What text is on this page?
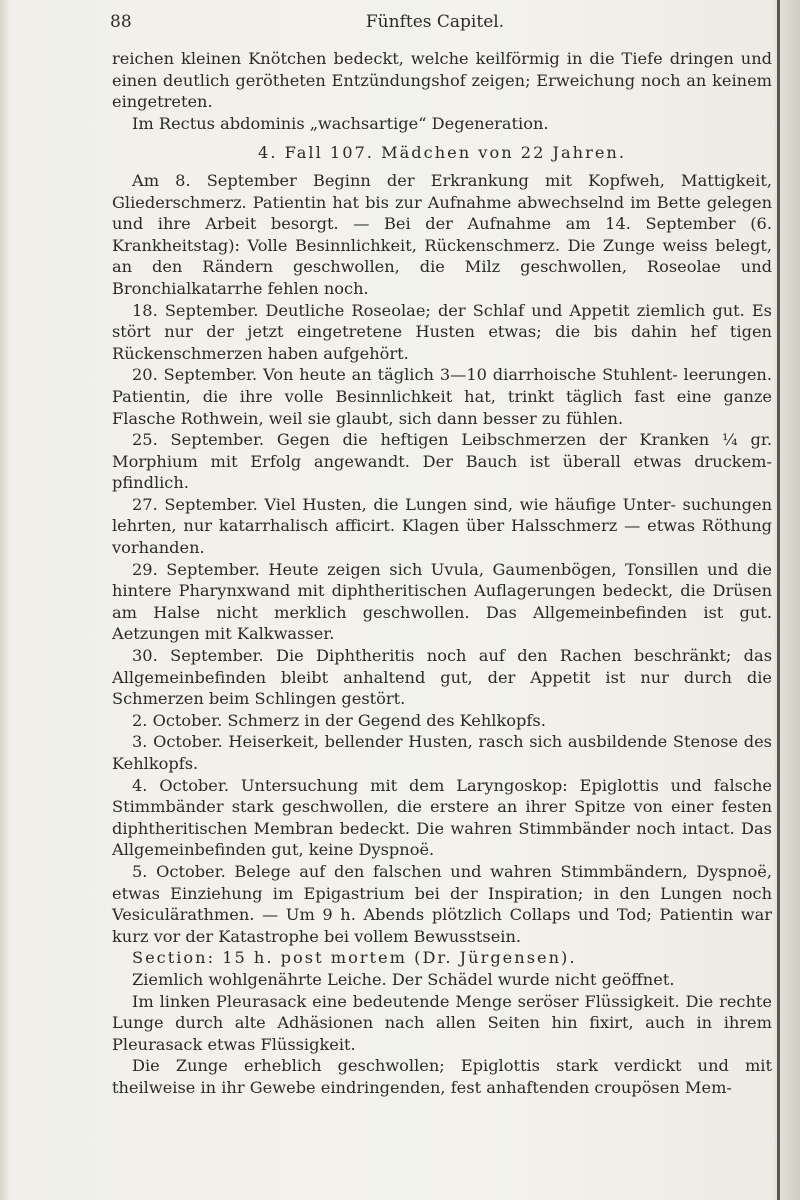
88	Fünftes Capitel.

reichen kleinen Knötchen bedeckt, welche keilförmig in die Tiefe dringen und einen deutlich gerötheten Entzündungshof zeigen; Erweichung noch an keinem eingetreten.

Im Rectus abdominis „wachsartige“ Degeneration.

4. Fall 107. Mädchen von 22 Jahren.

Am 8. September Beginn der Erkrankung mit Kopfweh, Mattigkeit, Gliederschmerz. Patientin hat bis zur Aufnahme abwechselnd im Bette gelegen und ihre Arbeit besorgt. — Bei der Aufnahme am 14. September (6. Krankheitstag): Volle Besinnlichkeit, Rückenschmerz. Die Zunge weiss belegt, an den Rändern geschwollen, die Milz geschwollen, Roseolae und Bronchialkatarrhe fehlen noch.

18. September. Deutliche Roseolae; der Schlaf und Appetit ziemlich gut. Es stört nur der jetzt eingetretene Husten etwas; die bis dahin hef tigen Rückenschmerzen haben aufgehört.

20. September. Von heute an täglich 3—10 diarrhoische Stuhlent- leerungen. Patientin, die ihre volle Besinnlichkeit hat, trinkt täglich fast eine ganze Flasche Rothwein, weil sie glaubt, sich dann besser zu fühlen.

25. September. Gegen die heftigen Leibschmerzen der Kranken ¼ gr. Morphium mit Erfolg angewandt. Der Bauch ist überall etwas druckem- pfindlich.

27. September. Viel Husten, die Lungen sind, wie häufige Unter- suchungen lehrten, nur katarrhalisch afficirt. Klagen über Halsschmerz — etwas Röthung vorhanden.

29. September. Heute zeigen sich Uvula, Gaumenbögen, Tonsillen und die hintere Pharynxwand mit diphtheritischen Auflagerungen bedeckt, die Drüsen am Halse nicht merklich geschwollen. Das Allgemeinbefinden ist gut. Aetzungen mit Kalkwasser.

30. September. Die Diphtheritis noch auf den Rachen beschränkt; das Allgemeinbefinden bleibt anhaltend gut, der Appetit ist nur durch die Schmerzen beim Schlingen gestört.

2. October. Schmerz in der Gegend des Kehlkopfs.

3. October. Heiserkeit, bellender Husten, rasch sich ausbildende Stenose des Kehlkopfs.

4. October. Untersuchung mit dem Laryngoskop: Epiglottis und falsche Stimmbänder stark geschwollen, die erstere an ihrer Spitze von einer festen diphtheritischen Membran bedeckt. Die wahren Stimmbänder noch intact. Das Allgemeinbefinden gut, keine Dyspnoë.

5. October. Belege auf den falschen und wahren Stimmbändern, Dyspnoë, etwas Einziehung im Epigastrium bei der Inspiration; in den Lungen noch Vesiculärathmen. — Um 9 h. Abends plötzlich Collaps und Tod; Patientin war kurz vor der Katastrophe bei vollem Bewusstsein.

Section: 15 h. post mortem (Dr. Jürgensen).

Ziemlich wohlgenährte Leiche. Der Schädel wurde nicht geöffnet.

Im linken Pleurasack eine bedeutende Menge seröser Flüssigkeit. Die rechte Lunge durch alte Adhäsionen nach allen Seiten hin fixirt, auch in ihrem Pleurasack etwas Flüssigkeit.

Die Zunge erheblich geschwollen; Epiglottis stark verdickt und mit theilweise in ihr Gewebe eindringenden, fest anhaftenden croupösen Mem-
